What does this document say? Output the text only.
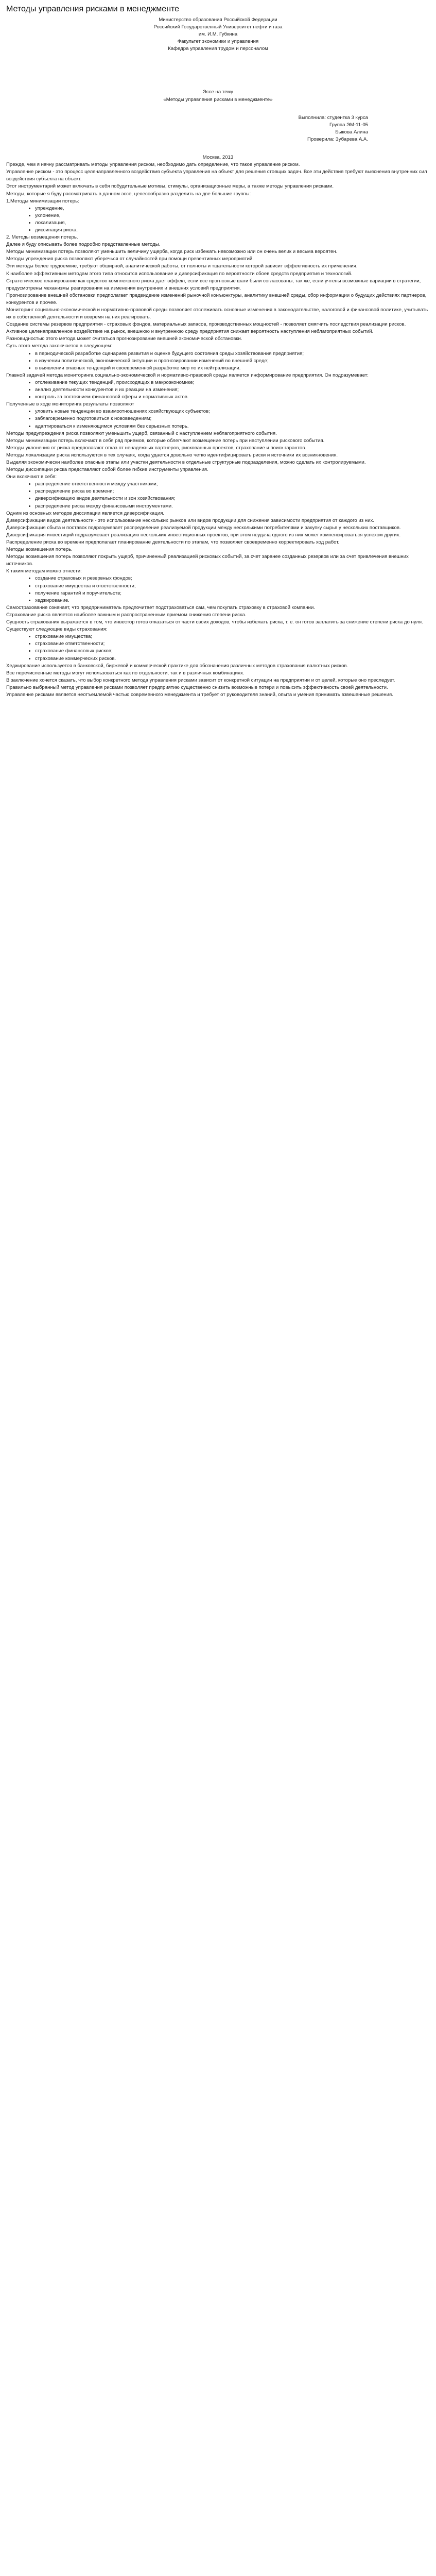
Методы управления рисками в менеджменте

Министерство образования Российской Федерации

Российский Государственный Университет нефти и газа

им. И.М. Губкина

Факультет экономики и управления

Кафедра управления трудом и персоналом

Эссе на тему

«Методы управления рисками в менеджменте»

Выполнила: студентка 3 курса

Группа ЭМ-11-05

Быкова Алина

Проверила: Зубарева А.А.

Москва, 2013

Прежде, чем я начну рассматривать методы управления риском, необходимо дать определение, что такое управление риском.

Управление риском - это процесс целенаправленного воздействия субъекта управления на объект для решения стоящих задач. Все эти действия требуют выяснения внутренних сил воздействия субъекта на объект.

Этот инструментарий может включать в себя побудительные мотивы, стимулы, организационные меры, а также методы управления рисками.

Методы, которые я буду рассматривать в данном эссе, целесообразно разделить на две большие группы:

1.Методы минимизации потерь:

• упреждение,
• уклонение,
• локализация,
• диссипация риска.

2. Методы возмещения потерь.

Далее я буду описывать более подробно представленные методы.

Методы минимизации потерь позволяют уменьшить величину ущерба, когда риск избежать невозможно или он очень велик и весьма вероятен.

Методы упреждения риска позволяют уберечься от случайностей при помощи превентивных мероприятий.

Эти методы более трудоемкие, требуют обширной, аналитической работы, от полноты и тщательности которой зависит эффективность их применения.

К наиболее эффективным методам этого типа относится использование и диверсификация по вероятности сбоев средств предприятия и технологий.

Стратегическое планирование как средство комплексного риска дает эффект, если все прогнозные шаги были согласованы, так же, если учтены возможные вариации в стратегии, предусмотрены механизмы реагирования на изменения внутренних и внешних условий предприятия.

Прогнозирование внешней обстановки предполагает предвидение изменений рыночной конъюнктуры, аналитику внешней среды, сбор информации о будущих действиях партнеров, конкурентов и прочее.

Мониторинг социально-экономической и нормативно-правовой среды позволяет отслеживать основные изменения в законодательстве, налоговой и финансовой политике, учитывать их в собственной деятельности и вовремя на них реагировать.

Создание системы резервов предприятия - страховых фондов, материальных запасов, производственных мощностей - позволяет смягчить последствия реализации рисков.

Активное целенаправленное воздействие на рынок, внешнюю и внутреннюю среду предприятия снижает вероятность наступления неблагоприятных событий.

Разновидностью этого метода может считаться прогнозирование внешней экономической обстановки.

Суть этого метода заключается в следующем:

• в периодической разработке сценариев развития и оценке будущего состояния среды хозяйствования предприятия;
• в изучении политической, экономической ситуации и прогнозировании изменений во внешней среде;
• в выявлении опасных тенденций и своевременной разработке мер по их нейтрализации.

Главной задачей метода мониторинга социально-экономической и нормативно-правовой среды является информирование предприятия. Он подразумевает:

• отслеживание текущих тенденций, происходящих в макроэкономике;
• анализ деятельности конкурентов и их реакции на изменения;
• контроль за состоянием финансовой сферы и нормативных актов.

Полученные в ходе мониторинга результаты позволяют

• уловить новые тенденции во взаимоотношениях хозяйствующих субъектов;
• заблаговременно подготовиться к нововведениям;
• адаптироваться к изменяющимся условиям без серьезных потерь.

Методы предупреждения риска позволяют уменьшить ущерб, связанный с наступлением неблагоприятного события.

Методы минимизации потерь включают в себя ряд приемов, которые облегчают возмещение потерь при наступлении рискового события.

Методы уклонения от риска предполагают отказ от ненадежных партнеров, рискованных проектов, страхование и поиск гарантов.

Методы локализации риска используются в тех случаях, когда удается довольно четко идентифицировать риски и источники их возникновения.

Выделяя экономически наиболее опасные этапы или участки деятельности в отдельные структурные подразделения, можно сделать их контролируемыми.

Методы диссипации риска представляют собой более гибкие инструменты управления.

Они включают в себя:

• распределение ответственности между участниками;
• распределение риска во времени;
• диверсификацию видов деятельности и зон хозяйствования;
• распределение риска между финансовыми инструментами.

Одним из основных методов диссипации является диверсификация.

Диверсификация видов деятельности - это использование нескольких рынков или видов продукции для снижения зависимости предприятия от каждого из них.

Диверсификация сбыта и поставок подразумевает распределение реализуемой продукции между несколькими потребителями и закупку сырья у нескольких поставщиков.

Диверсификация инвестиций подразумевает реализацию нескольких инвестиционных проектов, при этом неудача одного из них может компенсироваться успехом других.

Распределение риска во времени предполагает планирование деятельности по этапам, что позволяет своевременно корректировать ход работ.

Методы возмещения потерь.

Методы возмещения потерь позволяют покрыть ущерб, причиненный реализацией рисковых событий, за счет заранее созданных резервов или за счет привлечения внешних источников.

К таким методам можно отнести:

• создание страховых и резервных фондов;
• страхование имущества и ответственности;
• получение гарантий и поручительств;
• хеджирование.

Самострахование означает, что предприниматель предпочитает подстраховаться сам, чем покупать страховку в страховой компании.

Страхование риска является наиболее важным и распространенным приемом снижения степени риска.

Сущность страхования выражается в том, что инвестор готов отказаться от части своих доходов, чтобы избежать риска, т. е. он готов заплатить за снижение степени риска до нуля.

Существуют следующие виды страхования:

• страхование имущества;
• страхование ответственности;
• страхование финансовых рисков;
• страхование коммерческих рисков.

Хеджирование используется в банковской, биржевой и коммерческой практике для обозначения различных методов страхования валютных рисков.

Все перечисленные методы могут использоваться как по отдельности, так и в различных комбинациях.

В заключение хочется сказать, что выбор конкретного метода управления рисками зависит от конкретной ситуации на предприятии и от целей, которые оно преследует.

Правильно выбранный метод управления рисками позволяет предприятию существенно снизить возможные потери и повысить эффективность своей деятельности.

Управление рисками является неотъемлемой частью современного менеджмента и требует от руководителя знаний, опыта и умения принимать взвешенные решения.
